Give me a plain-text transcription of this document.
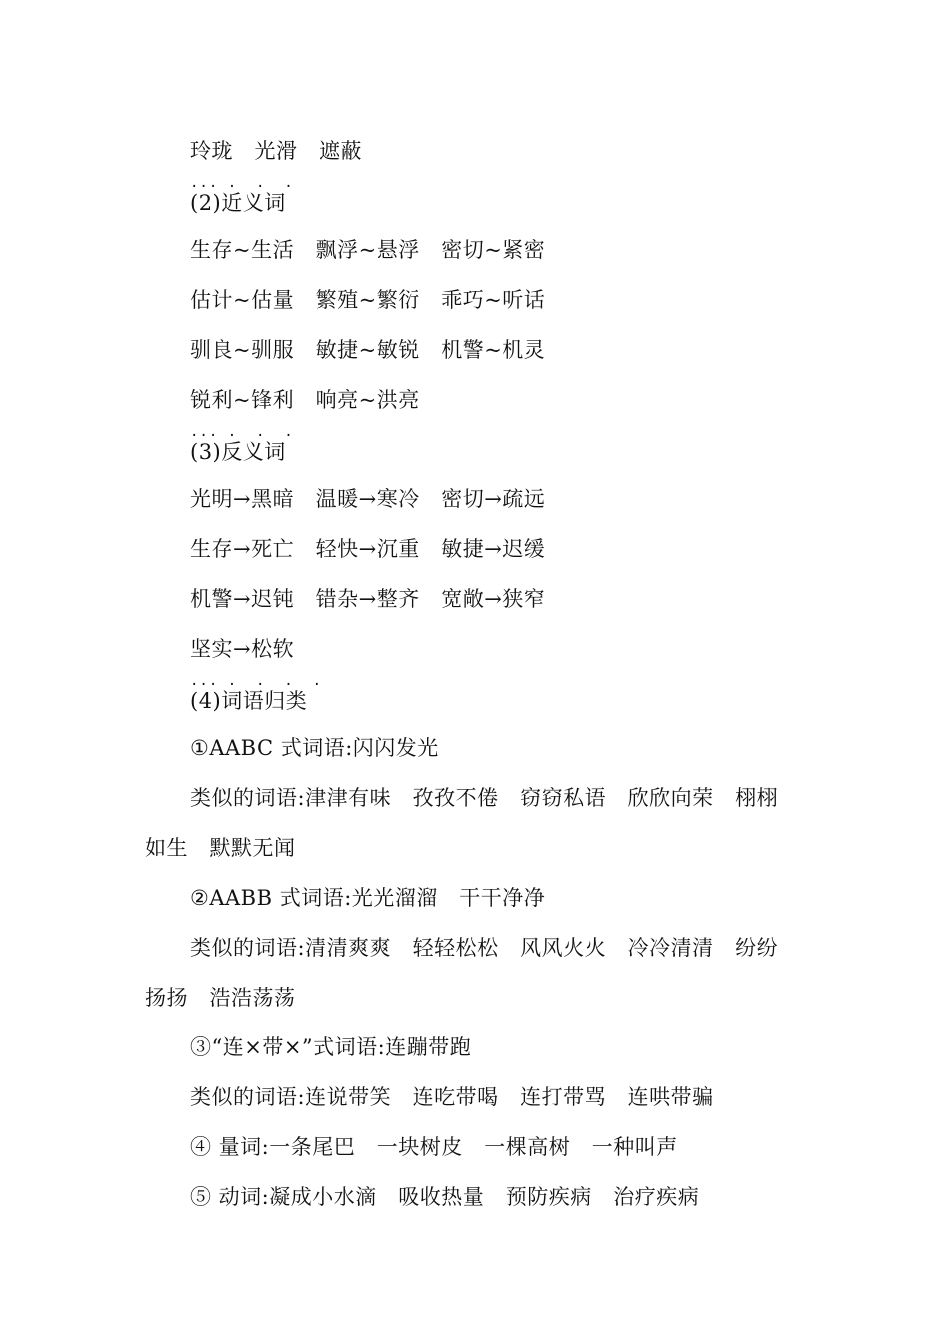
玲珑　光滑　遮蔽
... .  .  .
(2)近义词
生存~生活　飘浮~悬浮　密切~紧密
估计~估量　繁殖~繁衍　乖巧~听话
驯良~驯服　敏捷~敏锐　机警~机灵
锐利~锋利　响亮~洪亮
... .  .  .
(3)反义词
光明→黑暗　温暖→寒冷　密切→疏远
生存→死亡　轻快→沉重　敏捷→迟缓
机警→迟钝　错杂→整齐　宽敞→狭窄
坚实→松软
... .  .  .  .
(4)词语归类
①AABC 式词语:闪闪发光
类似的词语:津津有味　孜孜不倦　窃窃私语　欣欣向荣　栩栩
如生　默默无闻
②AABB 式词语:光光溜溜　干干净净
类似的词语:清清爽爽　轻轻松松　风风火火　冷冷清清　纷纷
扬扬　浩浩荡荡
③“连×带×”式词语:连蹦带跑
类似的词语:连说带笑　连吃带喝　连打带骂　连哄带骗
④ 量词:一条尾巴　一块树皮　一棵高树　一种叫声
⑤ 动词:凝成小水滴　吸收热量　预防疾病　治疗疾病
